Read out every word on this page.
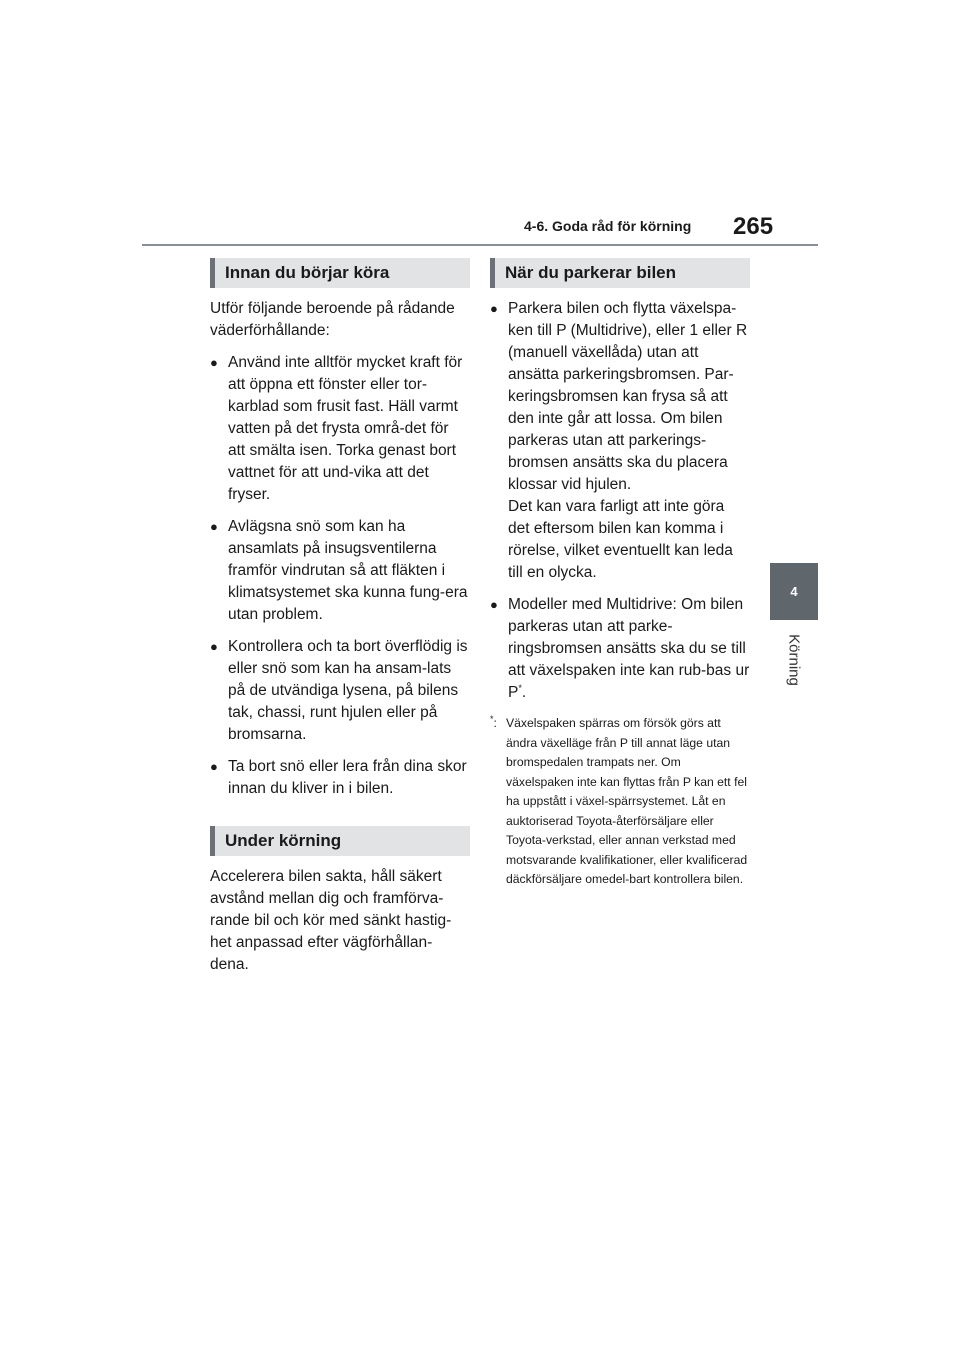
4-6. Goda råd för körning 265
4
Körning
Innan du börjar köra

Utför följande beroende på rådande väderförhållande:

● Använd inte alltför mycket kraft för att öppna ett fönster eller tor-karblad som frusit fast. Häll varmt vatten på det frysta områ-det för att smälta isen. Torka genast bort vattnet för att und-vika att det fryser.
● Avlägsna snö som kan ha ansamlats på insugsventilerna framför vindrutan så att fläkten i klimatsystemet ska kunna fung-era utan problem.
● Kontrollera och ta bort överflödig is eller snö som kan ha ansam-lats på de utvändiga lysena, på bilens tak, chassi, runt hjulen eller på bromsarna.
● Ta bort snö eller lera från dina skor innan du kliver in i bilen.
Under körning

Accelerera bilen sakta, håll säkert avstånd mellan dig och framförva-rande bil och kör med sänkt hastig-het anpassad efter vägförhållan-dena.

När du parkerar bilen
● Parkera bilen och flytta växelspa-ken till P (Multidrive), eller 1 eller R (manuell växellåda) utan att ansätta parkeringsbromsen. Par-keringsbromsen kan frysa så att den inte går att lossa. Om bilen parkeras utan att parkerings-bromsen ansätts ska du placera klossar vid hjulen.
Det kan vara farligt att inte göra det eftersom bilen kan komma i rörelse, vilket eventuellt kan leda till en olycka.
● Modeller med Multidrive: Om bilen parkeras utan att parke-ringsbromsen ansätts ska du se till att växelspaken inte kan rub-bas ur P*.
*: Växelspaken spärras om försök görs att ändra växelläge från P till annat läge utan bromspedalen trampats ner. Om växelspaken inte kan flyttas från P kan ett fel ha uppstått i växel-spärrsystemet. Låt en auktoriserad Toyota-återförsäljare eller Toyota-verkstad, eller annan verkstad med motsvarande kvalifikationer, eller kvalificerad däckförsäljare omedel-bart kontrollera bilen.
